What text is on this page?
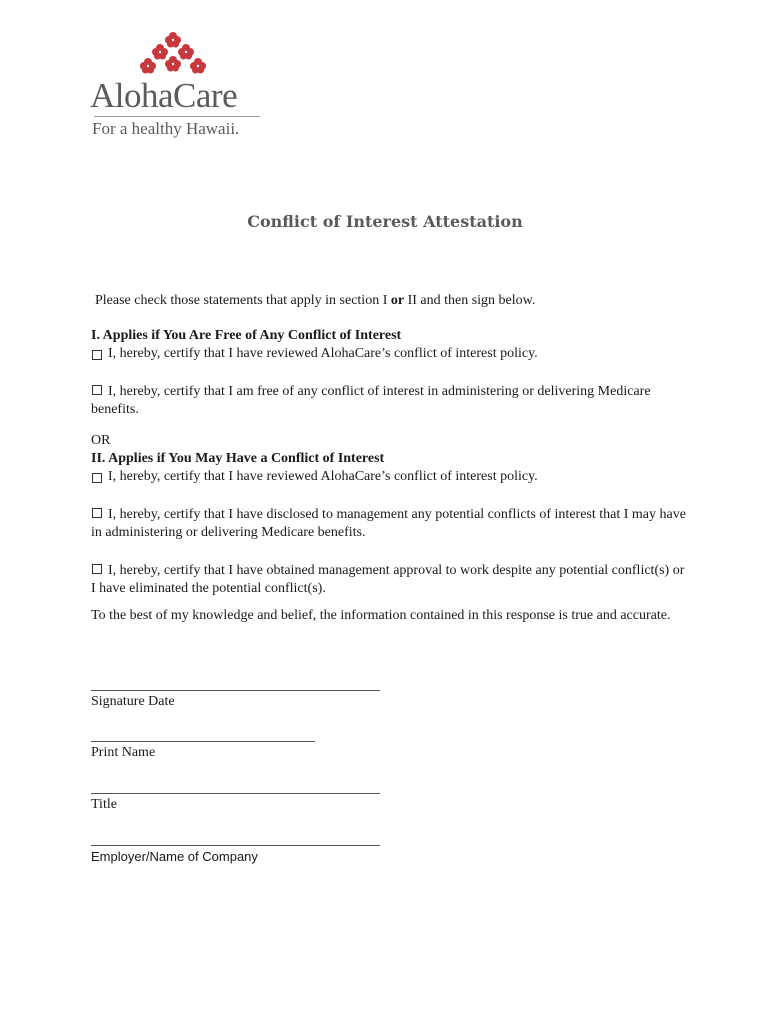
AlohaCare
For a healthy Hawaii.
Conflict of Interest Attestation
Please check those statements that apply in section I or II and then sign below.

I. Applies if You Are Free of Any Conflict of Interest

I, hereby, certify that I have reviewed AlohaCare’s conflict of interest policy.
I, hereby, certify that I am free of any conflict of interest in administering or delivering Medicare benefits.

OR

II. Applies if You May Have a Conflict of Interest

I, hereby, certify that I have reviewed AlohaCare’s conflict of interest policy.
I, hereby, certify that I have disclosed to management any potential conflicts of interest that I may have in administering or delivering Medicare benefits.
I, hereby, certify that I have obtained management approval to work despite any potential conflict(s) or I have eliminated the potential conflict(s).
To the best of my knowledge and belief, the information contained in this response is true and accurate.
Signature Date
Print Name
Title
Employer/Name of Company
